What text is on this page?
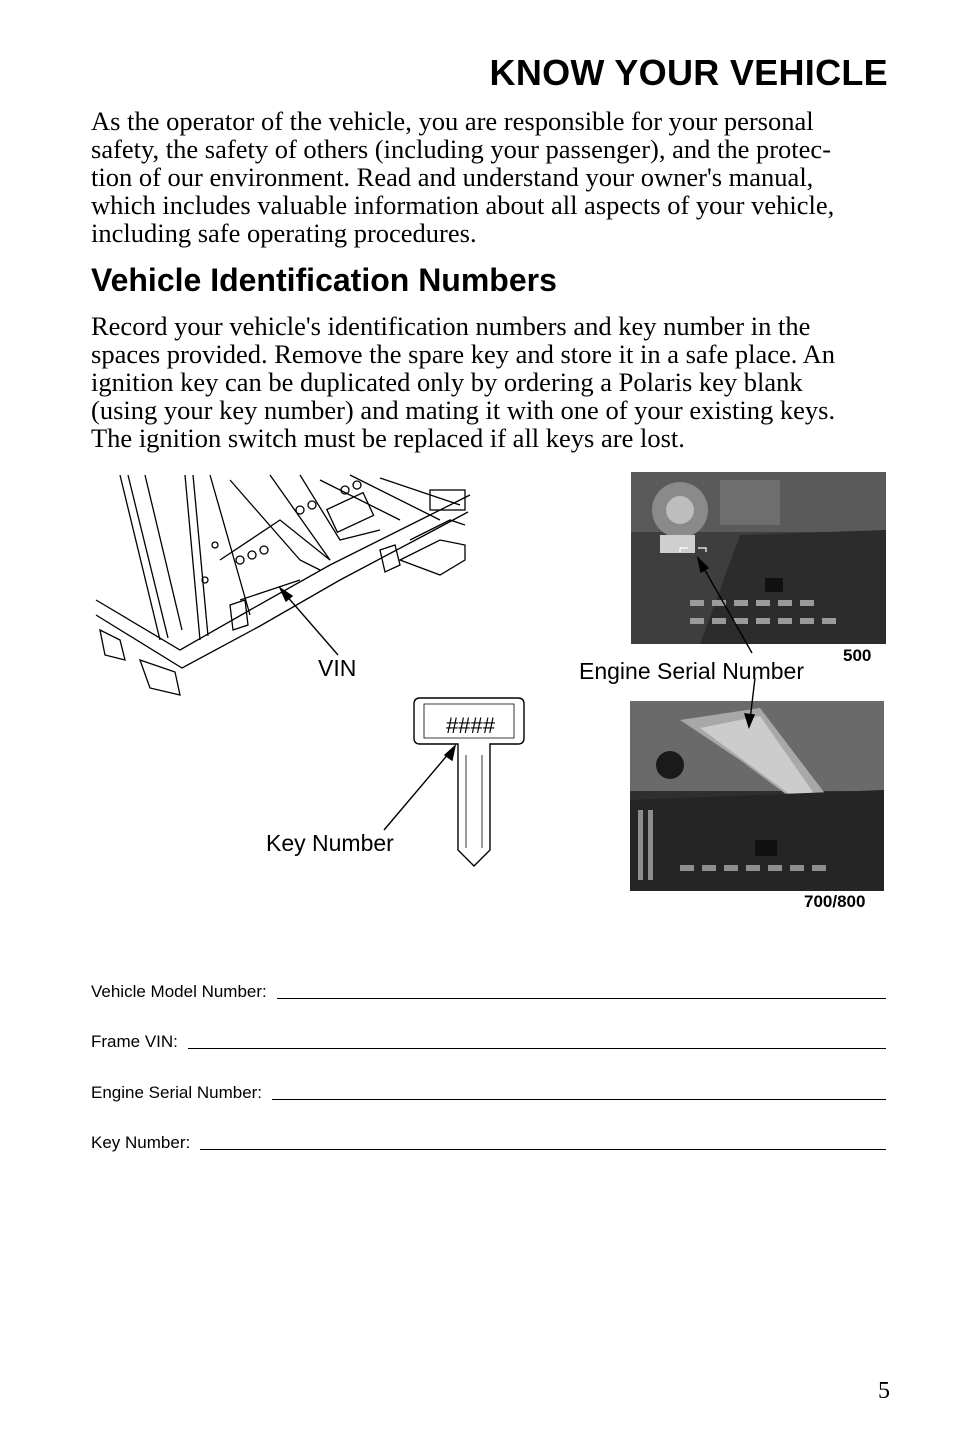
KNOW YOUR VEHICLE
As the operator of the vehicle, you are responsible for your personal
safety, the safety of others (including your passenger), and the protec-
tion of our environment. Read and understand your owner's manual,
which includes valuable information about all aspects of your vehicle,
including safe operating procedures.
Vehicle Identification Numbers
Record your vehicle's identification numbers and key number in the
spaces provided. Remove the spare key and store it in a safe place. An
ignition key can be duplicated only by ordering a Polaris key blank
(using your key number) and mating it with one of your existing keys.
The ignition switch must be replaced if all keys are lost.
VIN
####
Key Number
Engine Serial Number
500
700/800
Vehicle Model Number:
Frame VIN:
Engine Serial Number:
Key Number:
5
